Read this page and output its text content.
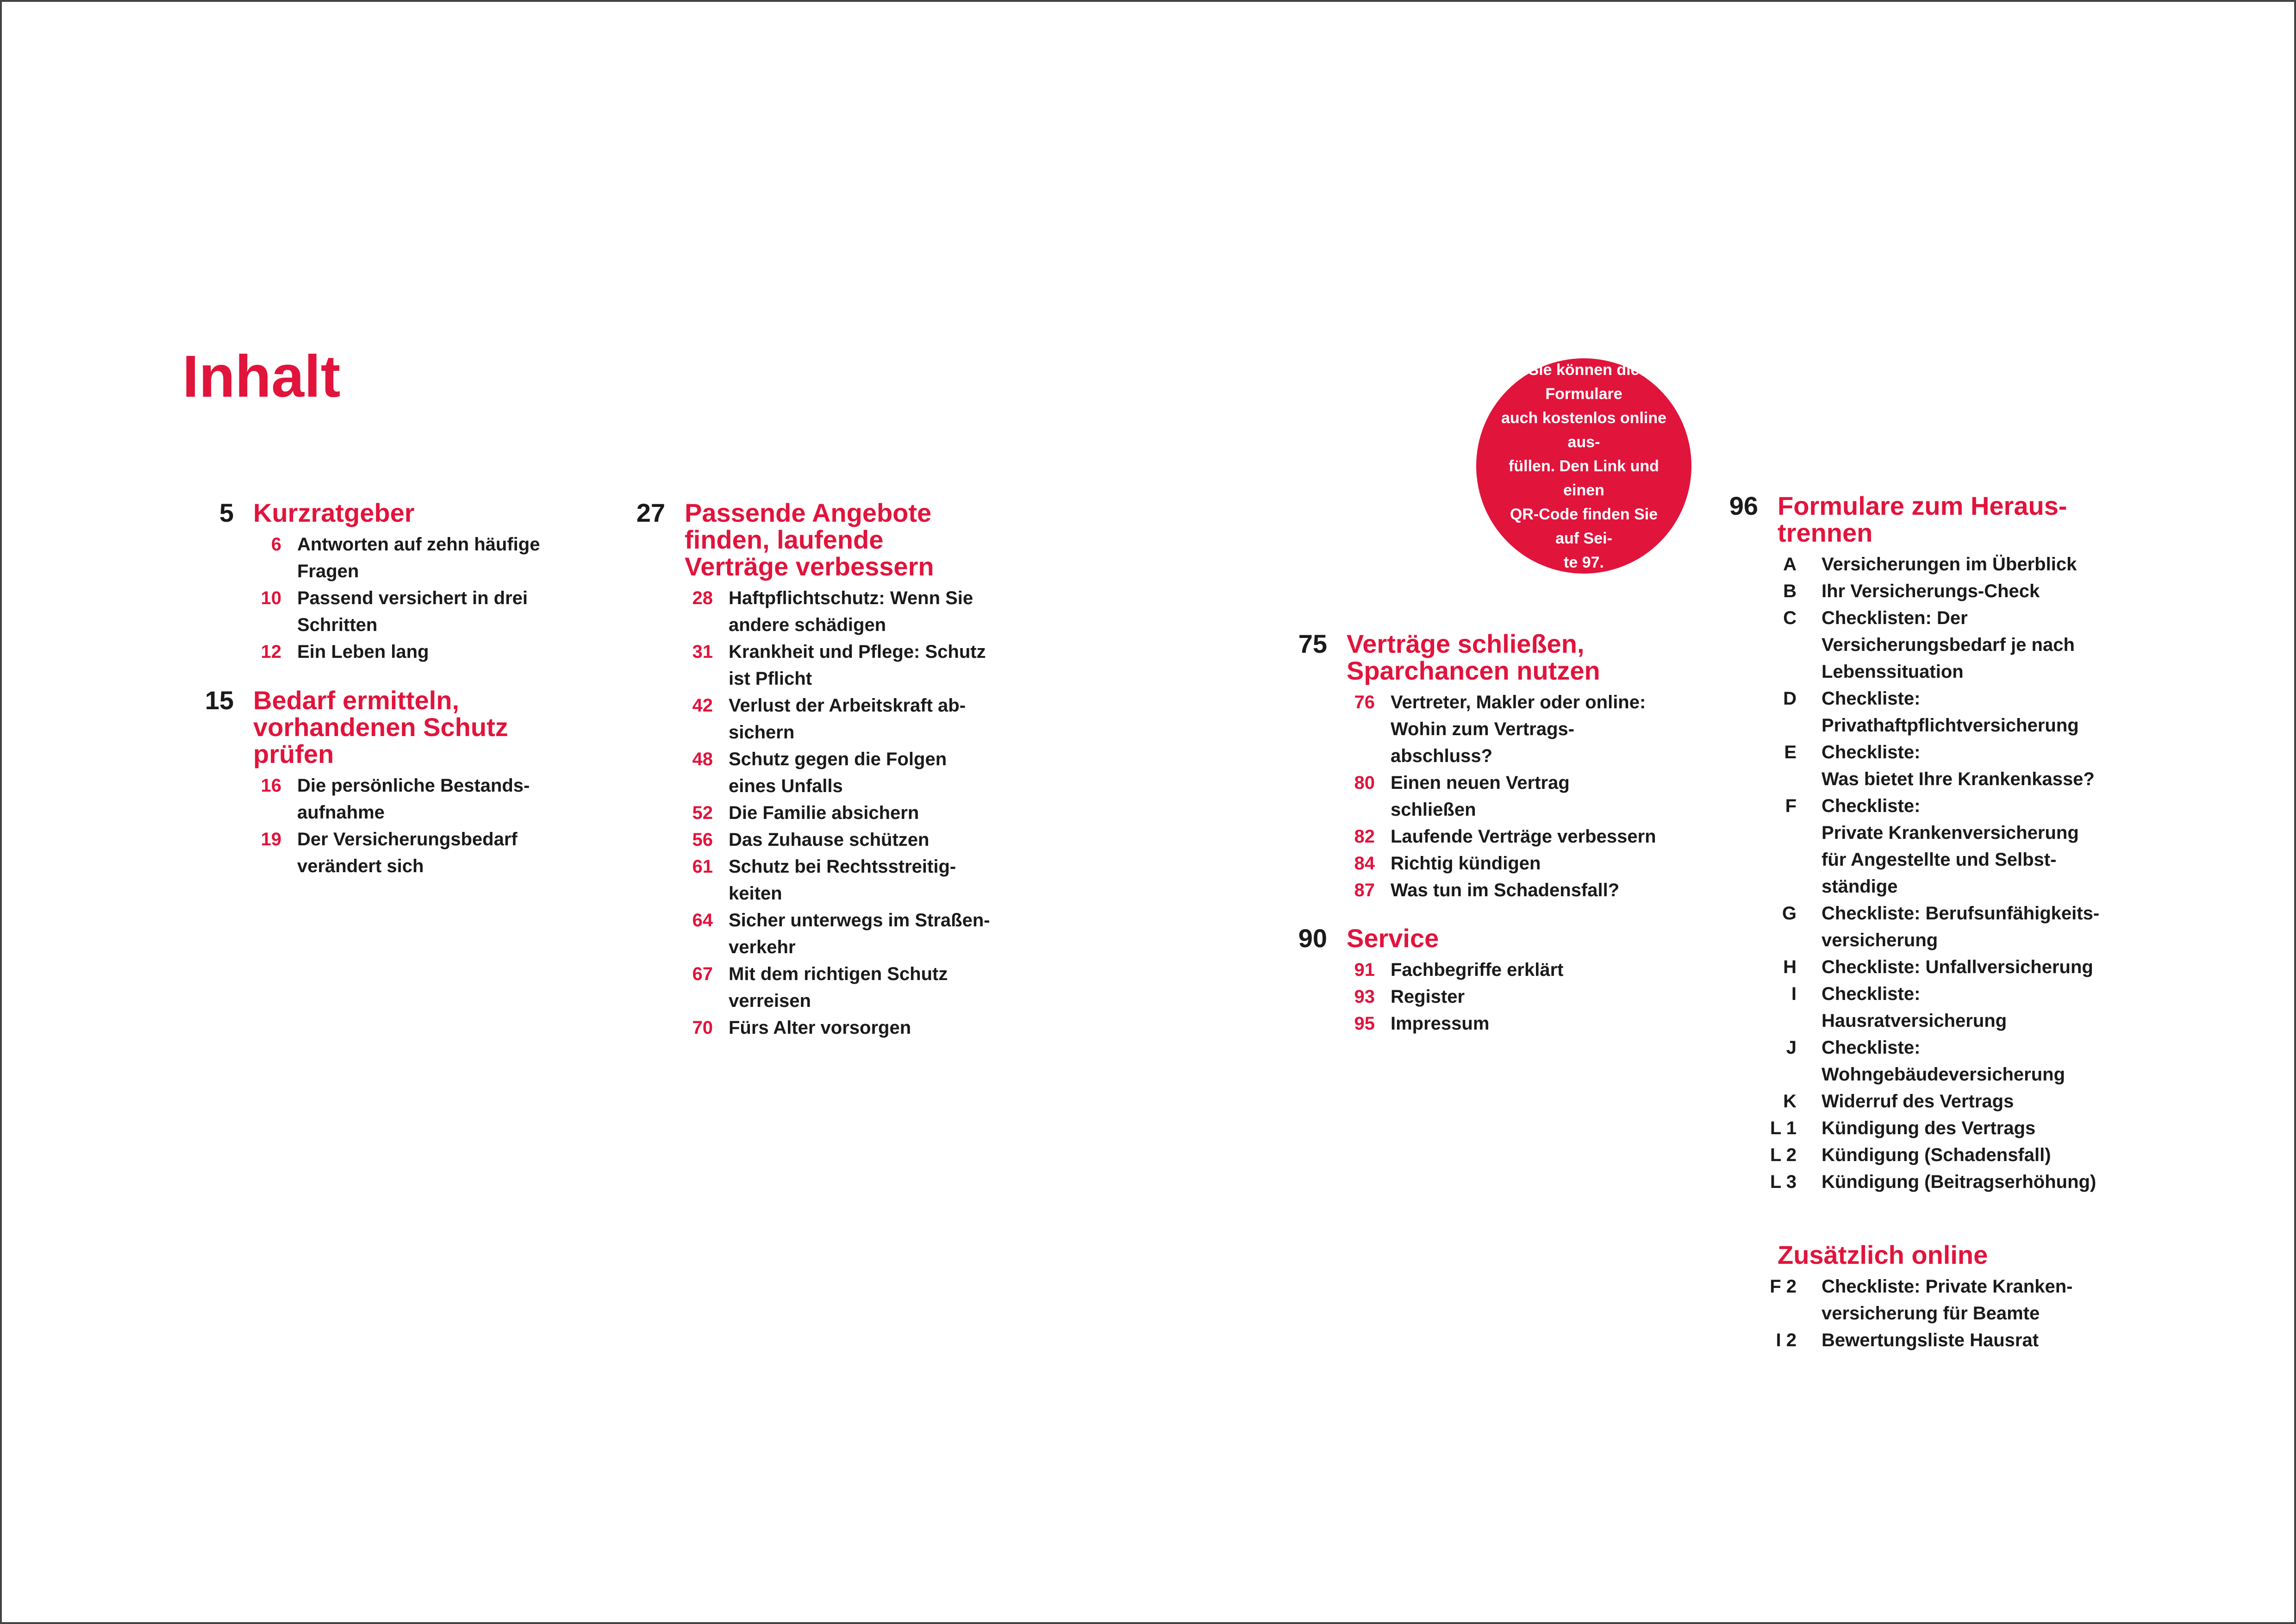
Inhalt	Sie können die Formulare
auch kostenlos online aus-
füllen. Den Link und einen
QR-Code finden Sie auf Sei-
te 97.
5 Kurzratgeber
6 Antworten auf zehn häufige
Fragen
10 Passend versichert in drei
Schritten
12 Ein Leben lang
15 Bedarf ermitteln,
vorhandenen Schutz
prüfen
16 Die persönliche Bestands-
aufnahme
19 Der Versicherungsbedarf
verändert sich
27 Passende Angebote
finden, laufende
Verträge verbessern
28 Haftpflichtschutz: Wenn Sie
andere schädigen
31 Krankheit und Pflege: Schutz
ist Pflicht
42 Verlust der Arbeitskraft ab-
sichern
48 Schutz gegen die Folgen
eines Unfalls
52 Die Familie absichern
56 Das Zuhause schützen
61 Schutz bei Rechtsstreitig-
keiten
64 Sicher unterwegs im Straßen-
verkehr
67 Mit dem richtigen Schutz
verreisen
70 Fürs Alter vorsorgen
75 Verträge schließen,
Sparchancen nutzen
76 Vertreter, Makler oder online:
Wohin zum Vertrags-
abschluss?
80 Einen neuen Vertrag
schließen
82 Laufende Verträge verbessern
84 Richtig kündigen
87 Was tun im Schadensfall?
90 Service
91 Fachbegriffe erklärt
93 Register
95 Impressum
96 Formulare zum Heraus-
trennen
A Versicherungen im Überblick
B Ihr Versicherungs-Check
C Checklisten: Der
Versicherungsbedarf je nach
Lebenssituation
D Checkliste:
Privathaftpflichtversicherung
E Checkliste:
Was bietet Ihre Krankenkasse?
F Checkliste:
Private Krankenversicherung
für Angestellte und Selbst-
ständige
G Checkliste: Berufsunfähigkeits-
versicherung
H Checkliste: Unfallversicherung
I Checkliste:
Hausratversicherung
J Checkliste:
Wohngebäudeversicherung
K Widerruf des Vertrags
L 1 Kündigung des Vertrags
L 2 Kündigung (Schadensfall)
L 3 Kündigung (Beitragserhöhung)
Zusätzlich online
F 2 Checkliste: Private Kranken-
versicherung für Beamte
I 2 Bewertungsliste Hausrat
